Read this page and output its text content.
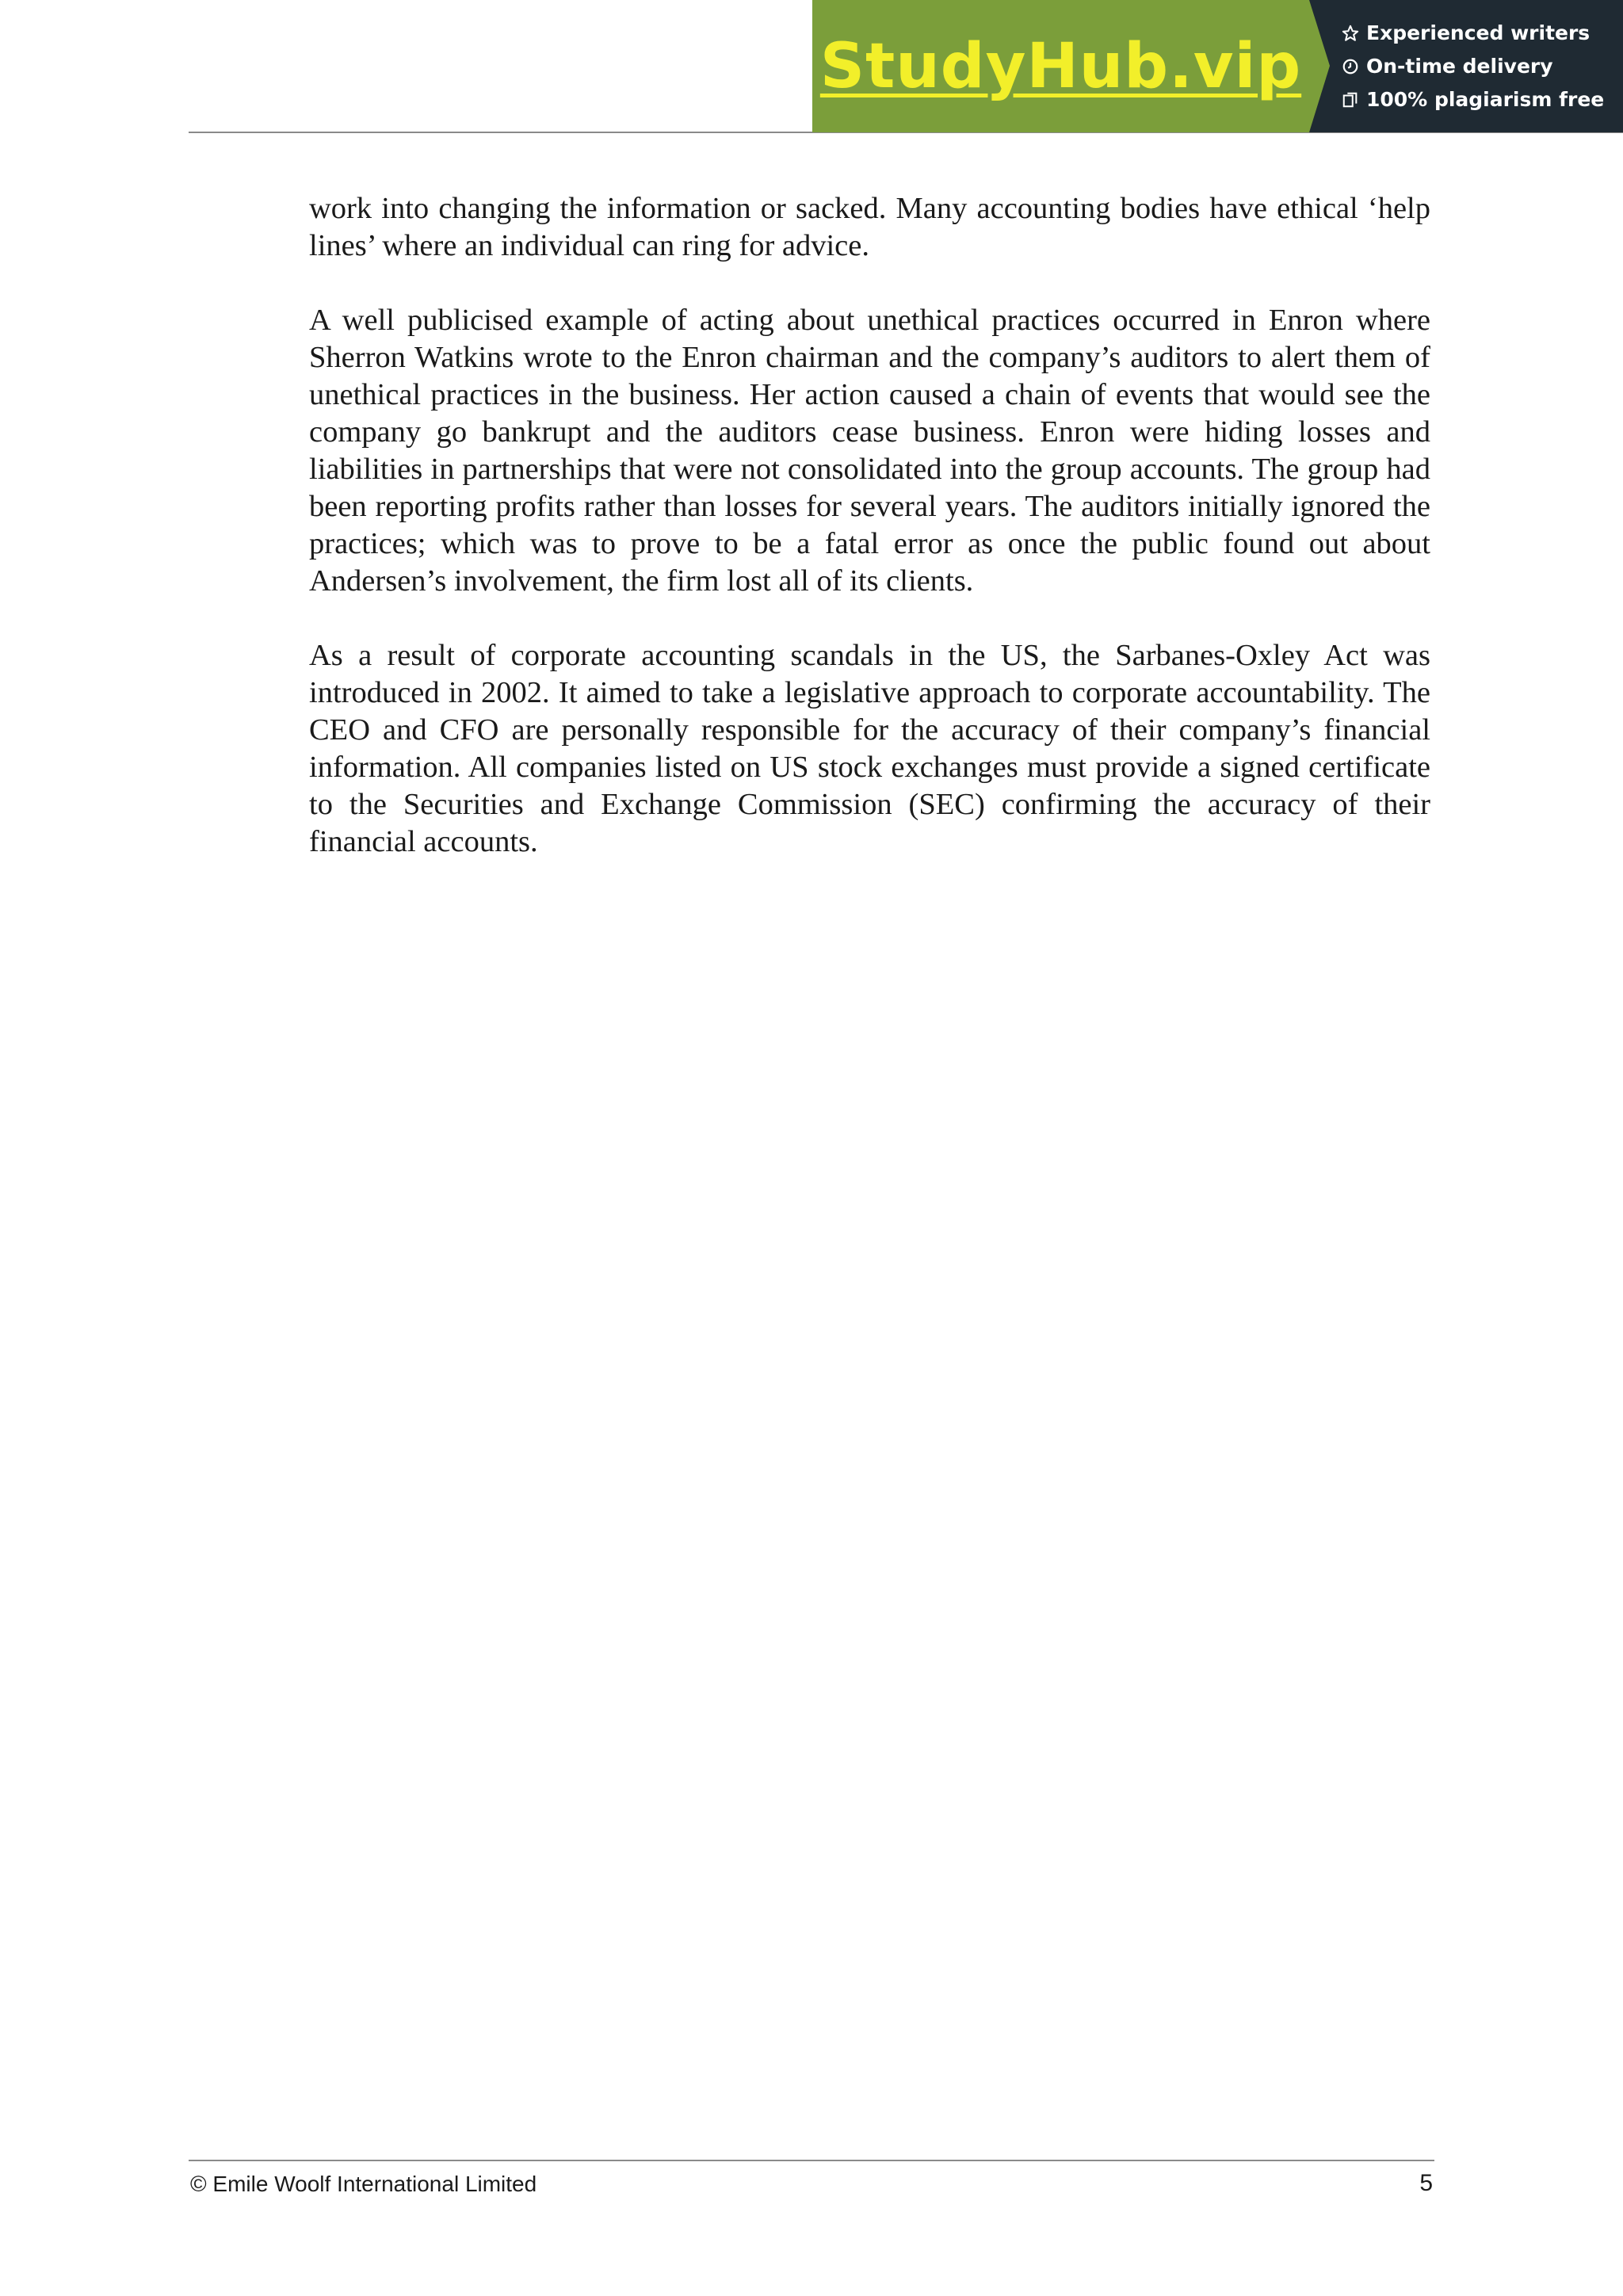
StudyHub.vip	Experienced writers
On-time delivery
100% plagiarism free

work into changing the information or sacked. Many accounting bodies have ethical ‘help lines’ where an individual can ring for advice.

A well publicised example of acting about unethical practices occurred in Enron where Sherron Watkins wrote to the Enron chairman and the company’s auditors to alert them of unethical practices in the business. Her action caused a chain of events that would see the company go bankrupt and the auditors cease business. Enron were hiding losses and liabilities in partnerships that were not consolidated into the group accounts. The group had been reporting profits rather than losses for several years. The auditors initially ignored the practices; which was to prove to be a fatal error as once the public found out about Andersen’s involvement, the firm lost all of its clients.

As a result of corporate accounting scandals in the US, the Sarbanes-Oxley Act was introduced in 2002. It aimed to take a legislative approach to corporate accountability. The CEO and CFO are personally responsible for the accuracy of their company’s financial information. All companies listed on US stock exchanges must provide a signed certificate to the Securities and Exchange Commission (SEC) confirming the accuracy of their financial accounts.

© Emile Woolf International Limited	5
